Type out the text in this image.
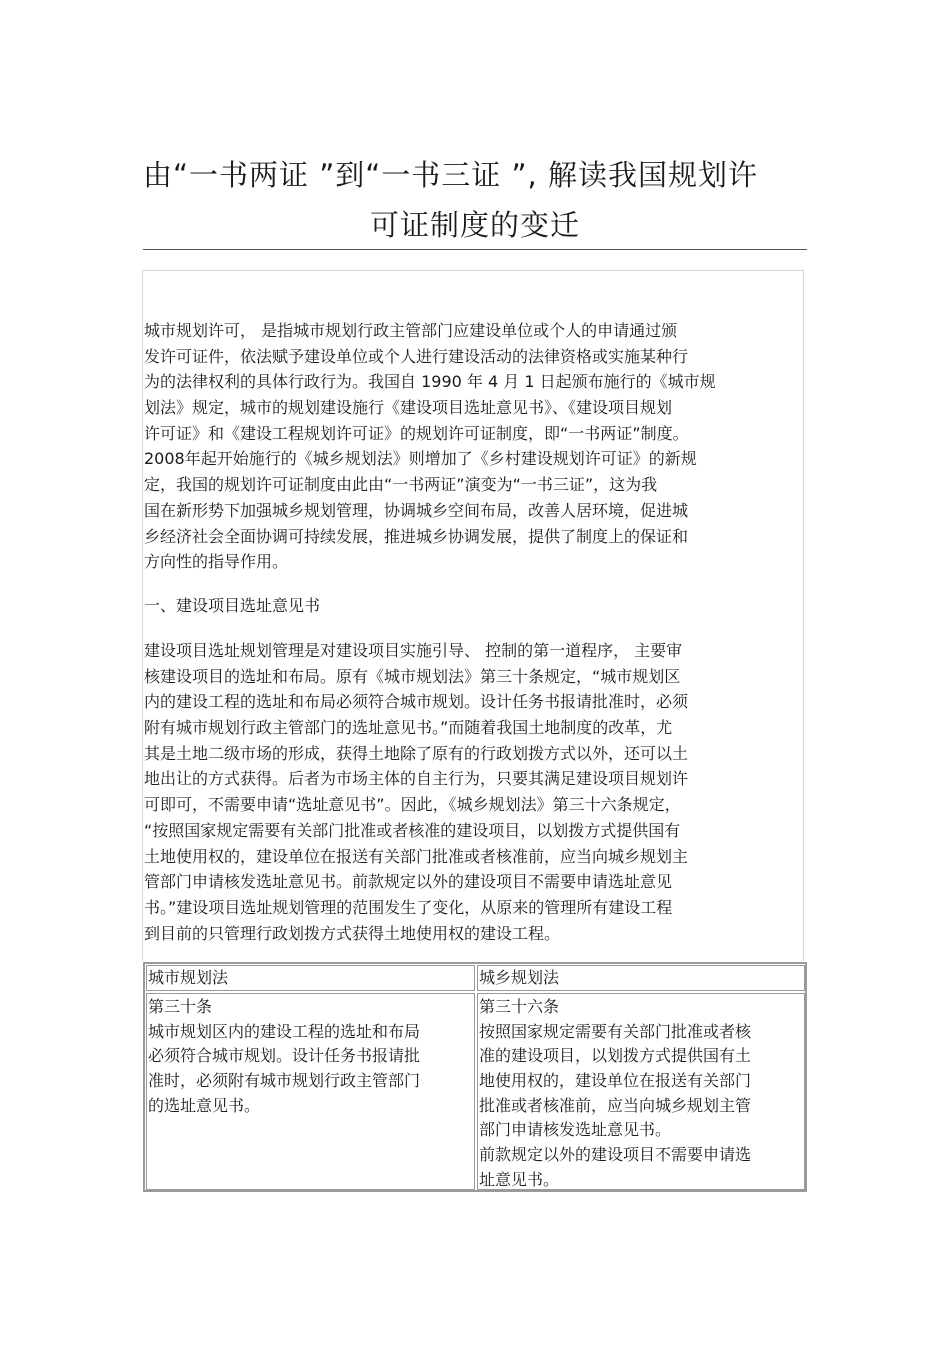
由“一书两证 ”到“一书三证 ”, 解读我国规划许
可证制度的变迁
城市规划许可， 是指城市规划行政主管部门应建设单位或个人的申请通过颁
发许可证件，依法赋予建设单位或个人进行建设活动的法律资格或实施某种行
为的法律权利的具体行政行为。我国自 1990 年 4 月 1 日起颁布施行的《城市规
划法》规定，城市的规划建设施行《建设项目选址意见书》、《建设项目规划
许可证》和《建设工程规划许可证》的规划许可证制度，即“一书两证”制度。
2008年起开始施行的《城乡规划法》则增加了《乡村建设规划许可证》的新规
定，我国的规划许可证制度由此由“一书两证”演变为“一书三证”，这为我
国在新形势下加强城乡规划管理，协调城乡空间布局，改善人居环境，促进城
乡经济社会全面协调可持续发展，推进城乡协调发展，提供了制度上的保证和
方向性的指导作用。
一、建设项目选址意见书
建设项目选址规划管理是对建设项目实施引导、 控制的第一道程序， 主要审
核建设项目的选址和布局。原有《城市规划法》第三十条规定，“城市规划区
内的建设工程的选址和布局必须符合城市规划。设计任务书报请批准时，必须
附有城市规划行政主管部门的选址意见书。”而随着我国土地制度的改革，尤
其是土地二级市场的形成，获得土地除了原有的行政划拨方式以外，还可以土
地出让的方式获得。后者为市场主体的自主行为，只要其满足建设项目规划许
可即可，不需要申请“选址意见书”。因此，《城乡规划法》第三十六条规定，
“按照国家规定需要有关部门批准或者核准的建设项目，以划拨方式提供国有
土地使用权的，建设单位在报送有关部门批准或者核准前，应当向城乡规划主
管部门申请核发选址意见书。前款规定以外的建设项目不需要申请选址意见
书。”建设项目选址规划管理的范围发生了变化，从原来的管理所有建设工程
到目前的只管理行政划拨方式获得土地使用权的建设工程。
城市规划法	城乡规划法
第三十条
城市规划区内的建设工程的选址和布局
必须符合城市规划。设计任务书报请批
准时，必须附有城市规划行政主管部门
的选址意见书。
第三十六条
按照国家规定需要有关部门批准或者核
准的建设项目，以划拨方式提供国有土
地使用权的，建设单位在报送有关部门
批准或者核准前，应当向城乡规划主管
部门申请核发选址意见书。
前款规定以外的建设项目不需要申请选
址意见书。
